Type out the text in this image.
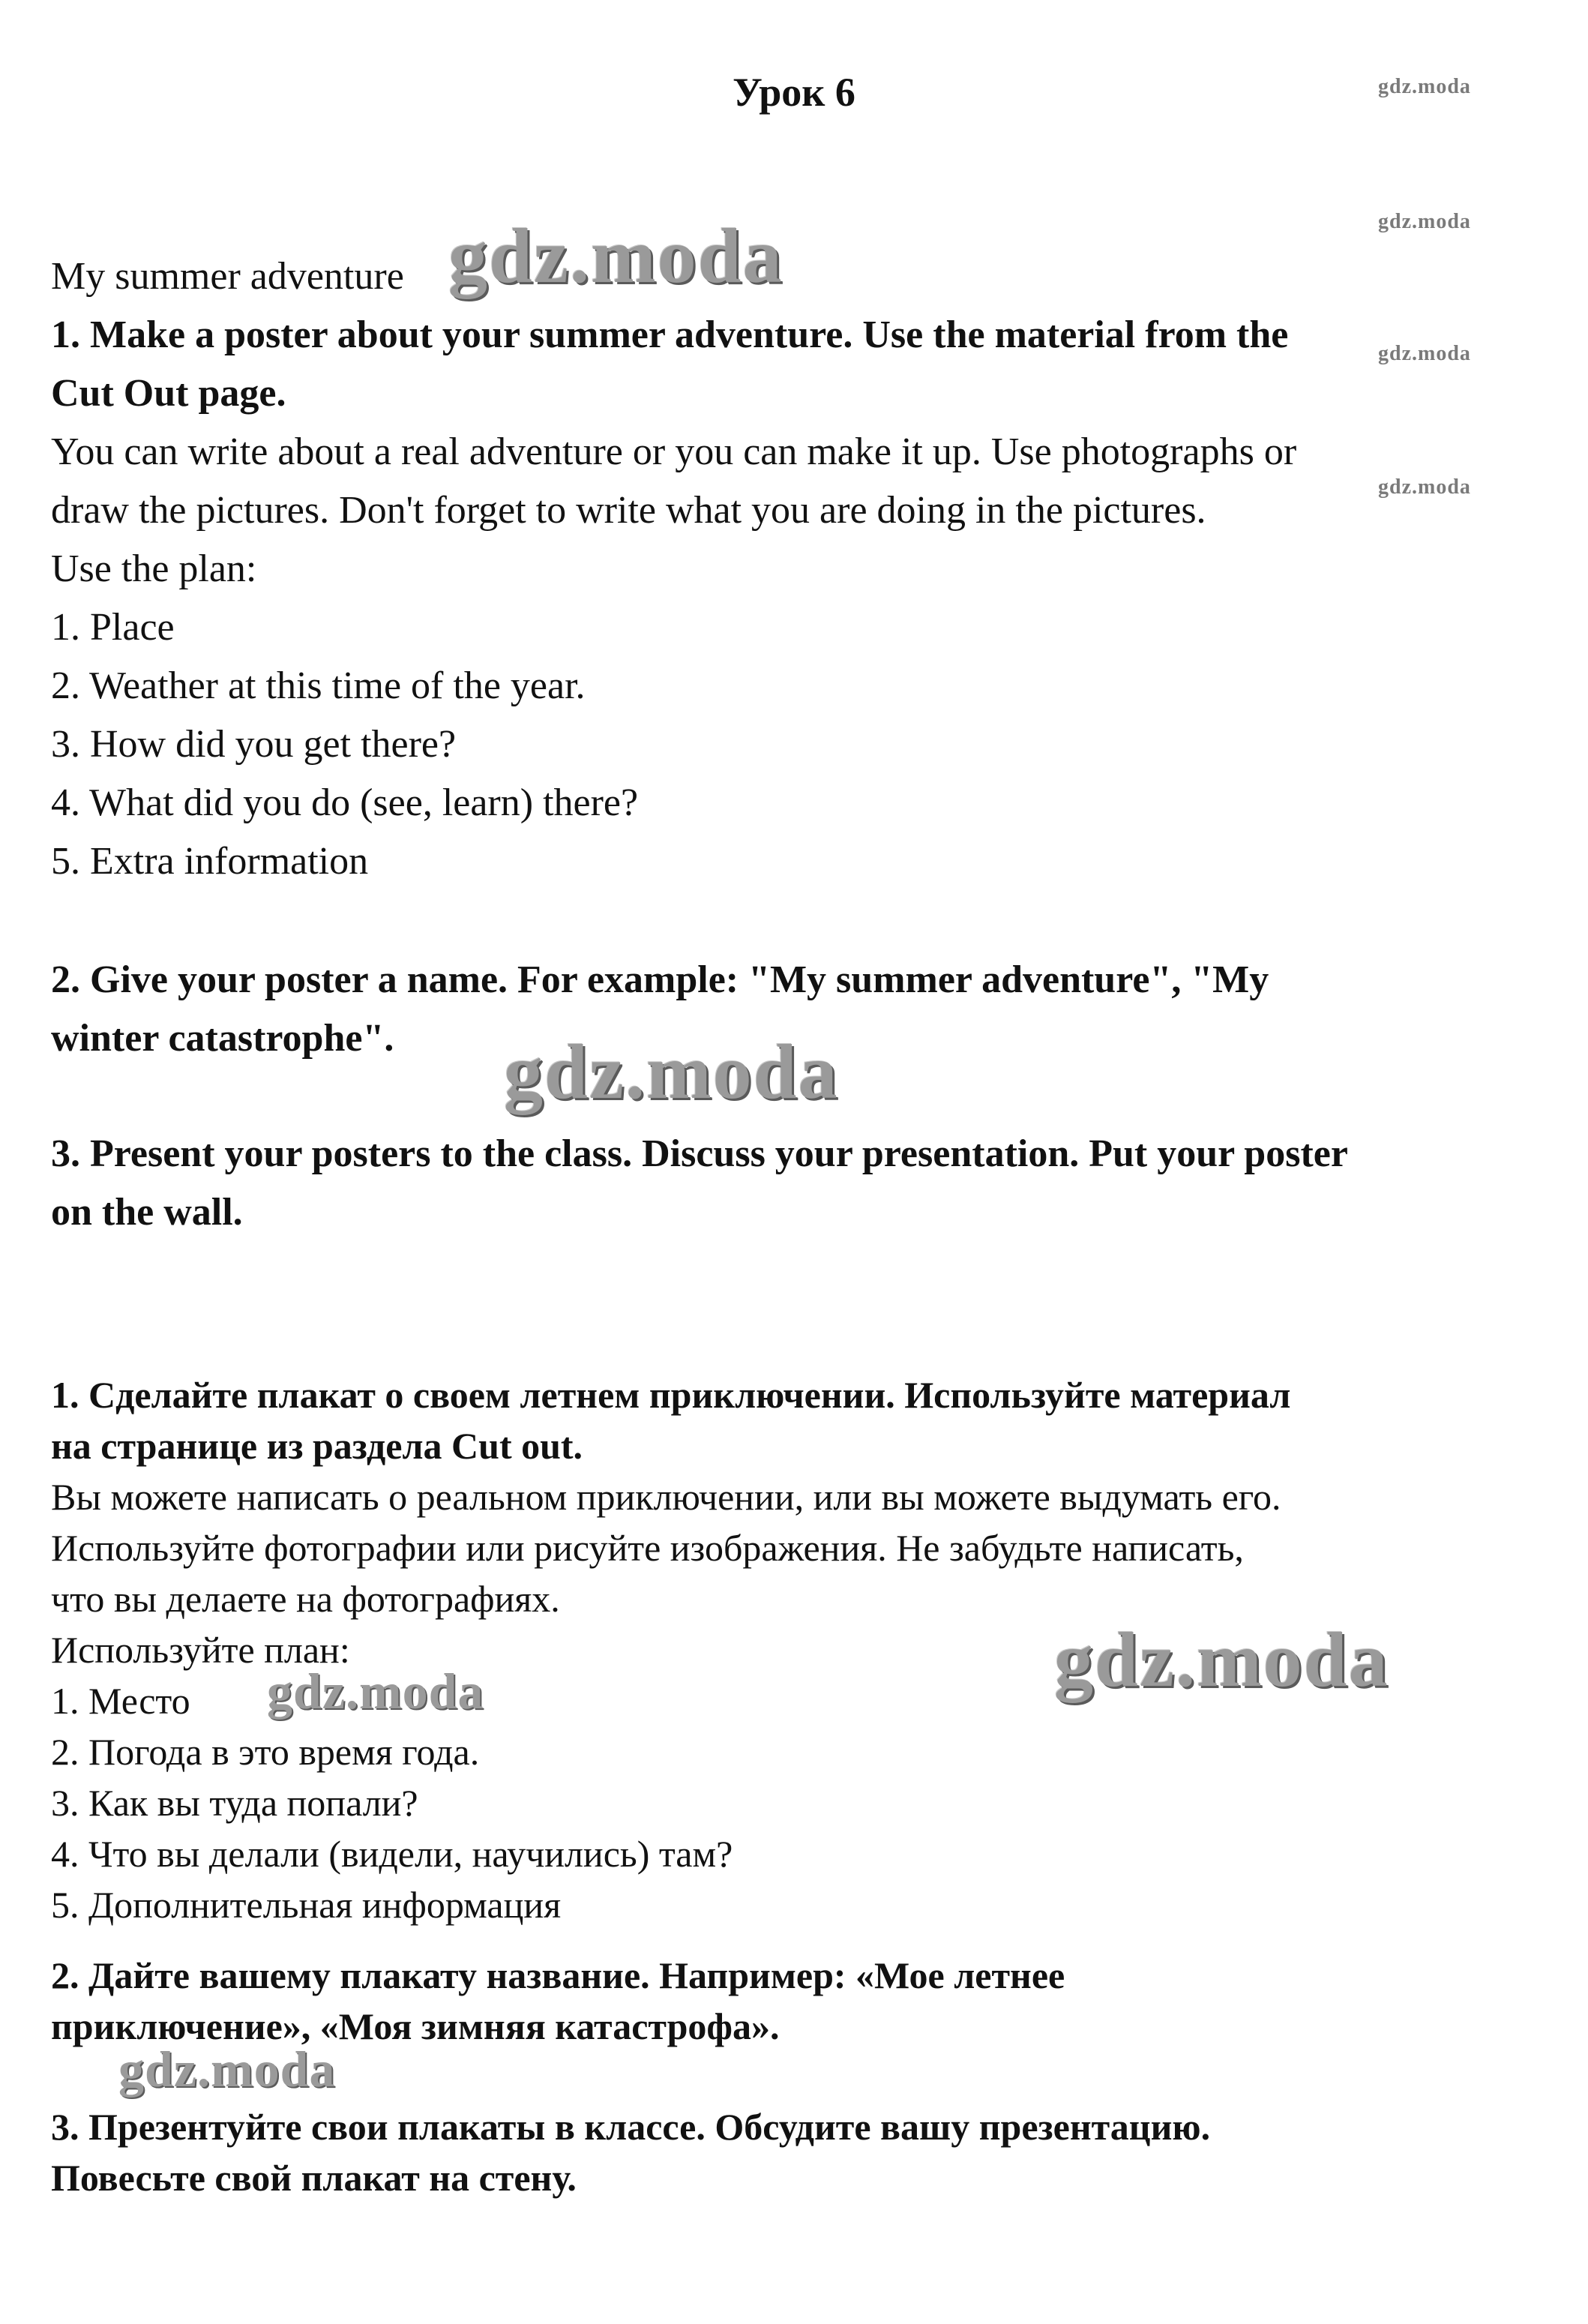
Урок 6	gdz.moda
gdz.moda
gdz.moda
gdz.moda
My summer adventure gdz.moda
1. Make a poster about your summer adventure. Use the material from the
Cut Out page.
You can write about a real adventure or you can make it up. Use photographs or
draw the pictures. Don't forget to write what you are doing in the pictures.
Use the plan:
1. Place
2. Weather at this time of the year.
3. How did you get there?
4. What did you do (see, learn) there?
5. Extra information
2. Give your poster a name. For example: "My summer adventure", "My
winter catastrophe". gdz.moda
3. Present your posters to the class. Discuss your presentation. Put your poster
on the wall.
1. Сделайте плакат о своем летнем приключении. Используйте материал
на странице из раздела Cut out.
Вы можете написать о реальном приключении, или вы можете выдумать его.
Используйте фотографии или рисуйте изображения. Не забудьте написать,
что вы делаете на фотографиях.
Используйте план:
1. Место gdz.moda	gdz.moda
2. Погода в это время года.
3. Как вы туда попали?
4. Что вы делали (видели, научились) там?
5. Дополнительная информация
2. Дайте вашему плакату название. Например: «Мое летнее
приключение», «Моя зимняя катастрофа».
gdz.moda
3. Презентуйте свои плакаты в классе. Обсудите вашу презентацию.
Повесьте свой плакат на стену.
